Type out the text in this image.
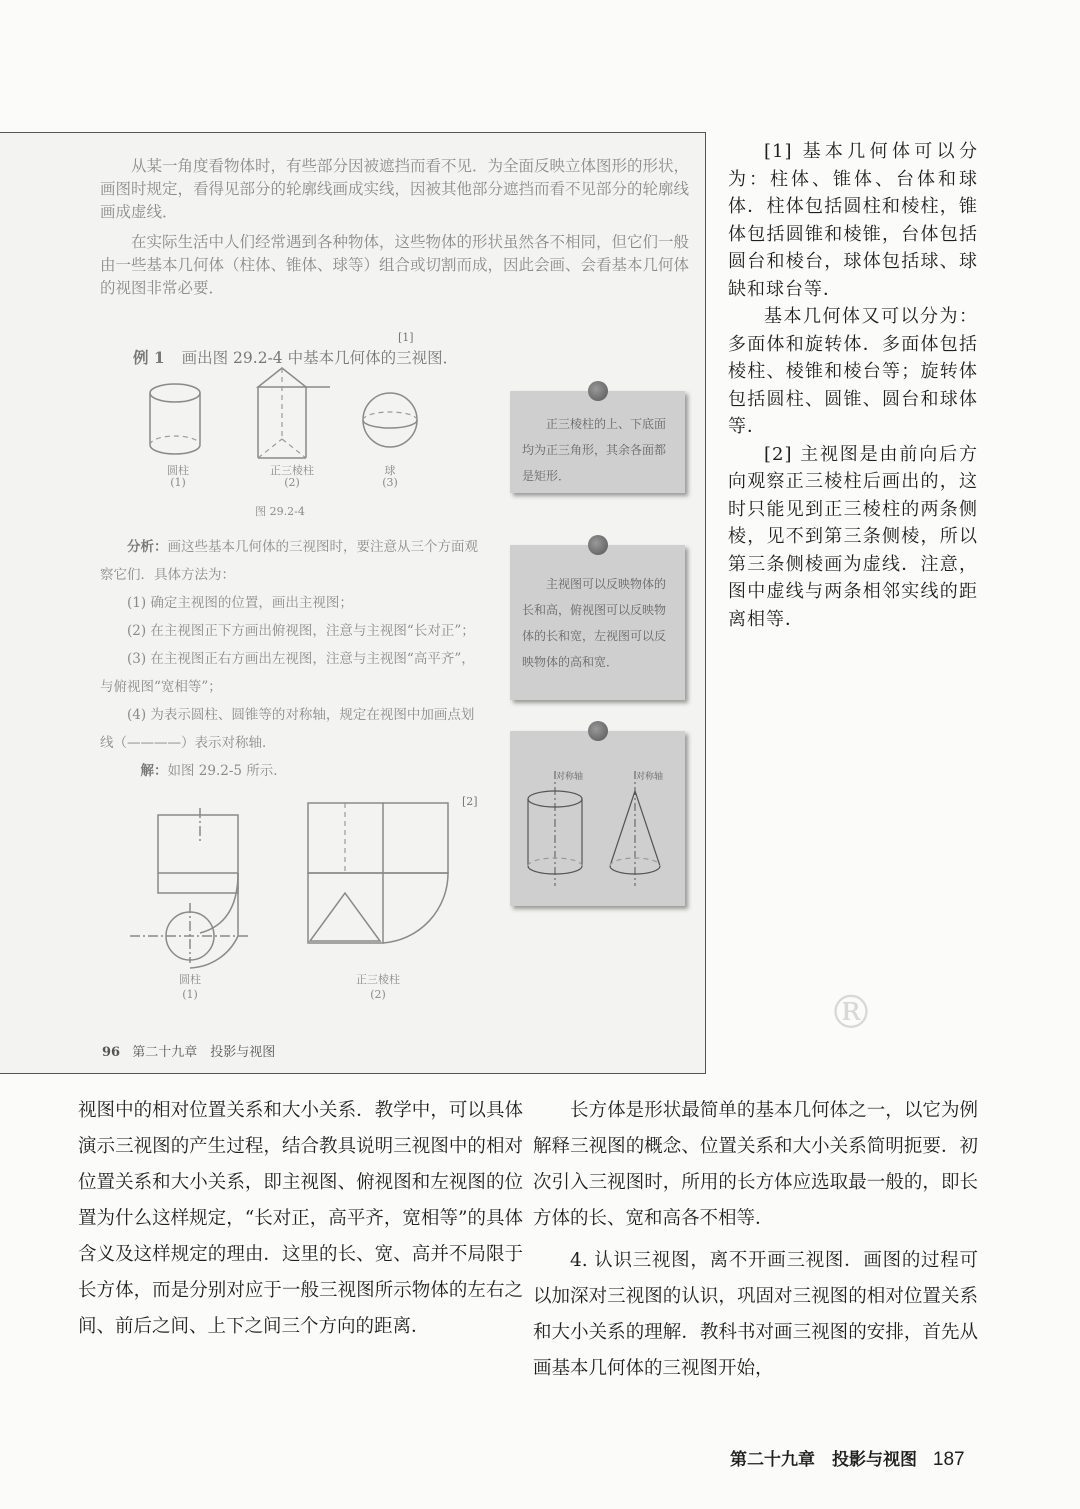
从某一角度看物体时，有些部分因被遮挡而看不见．为全面反映立体图形的形状，画图时规定，看得见部分的轮廓线画成实线，因被其他部分遮挡而看不见部分的轮廓线画成虚线．
在实际生活中人们经常遇到各种物体，这些物体的形状虽然各不相同，但它们一般由一些基本几何体（柱体、锥体、球等）组合或切割而成，因此会画、会看基本几何体的视图非常必要．
例 1 画出图 29.2-4 中基本几何体的三视图．
[1]
圆柱
(1)
正三棱柱
(2)
球
(3)
图 29.2-4
分析：画这些基本几何体的三视图时，要注意从三个方面观察它们．具体方法为：
(1) 确定主视图的位置，画出主视图；
(2) 在主视图正下方画出俯视图，注意与主视图“长对正”；
(3) 在主视图正右方画出左视图，注意与主视图“高平齐”，与俯视图“宽相等”；
(4) 为表示圆柱、圆锥等的对称轴，规定在视图中加画点划线（————）表示对称轴．
解：如图 29.2-5 所示．
[2]
圆柱
(1)
正三棱柱
(2)
正三棱柱的上、下底面均为正三角形，其余各面都是矩形．
主视图可以反映物体的长和高，俯视图可以反映物体的长和宽，左视图可以反映物体的高和宽．
对称轴	对称轴
96 第二十九章　投影与视图
®

[1] 基本几何体可以分为：柱体、锥体、台体和球体．柱体包括圆柱和棱柱，锥体包括圆锥和棱锥，台体包括圆台和棱台，球体包括球、球缺和球台等．

基本几何体又可以分为：多面体和旋转体．多面体包括棱柱、棱锥和棱台等；旋转体包括圆柱、圆锥、圆台和球体等．

[2] 主视图是由前向后方向观察正三棱柱后画出的，这时只能见到正三棱柱的两条侧棱，见不到第三条侧棱，所以第三条侧棱画为虚线．注意，图中虚线与两条相邻实线的距离相等．

视图中的相对位置关系和大小关系．教学中，可以具体演示三视图的产生过程，结合教具说明三视图中的相对位置关系和大小关系，即主视图、俯视图和左视图的位置为什么这样规定，“长对正，高平齐，宽相等”的具体含义及这样规定的理由．这里的长、宽、高并不局限于长方体，而是分别对应于一般三视图所示物体的左右之间、前后之间、上下之间三个方向的距离．

长方体是形状最简单的基本几何体之一，以它为例解释三视图的概念、位置关系和大小关系简明扼要．初次引入三视图时，所用的长方体应选取最一般的，即长方体的长、宽和高各不相等．

4. 认识三视图，离不开画三视图．画图的过程可以加深对三视图的认识，巩固对三视图的相对位置关系和大小关系的理解．教科书对画三视图的安排，首先从画基本几何体的三视图开始，

第二十九章　投影与视图 187
